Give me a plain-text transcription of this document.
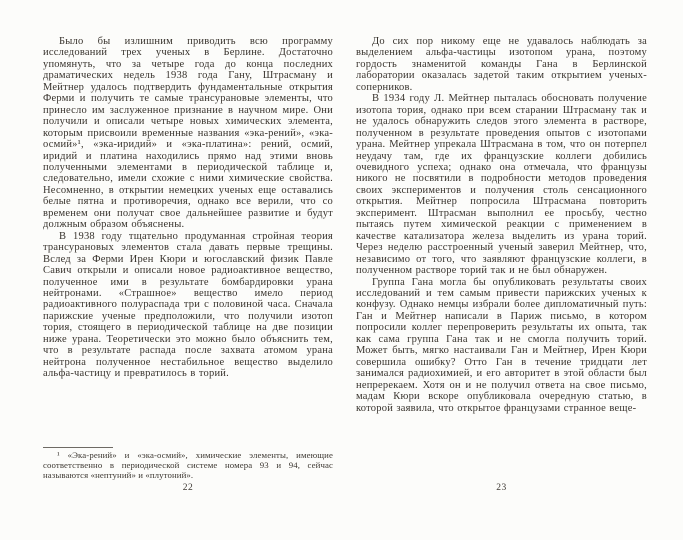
Было бы излишним приводить всю программу исследований трех ученых в Берлине. Достаточно упомянуть, что за четыре года до конца последних драматических недель 1938 года Гану, Штрасману и Мейтнер удалось подтвердить фундаментальные открытия Ферми и получить те самые трансурановые элементы, что принесло им заслуженное признание в научном мире. Они получили и описали четыре новых химических элемента, которым присвоили временные названия «эка-рений», «эка-осмий»¹, «эка-иридий» и «эка-платина»: рений, осмий, иридий и платина находились прямо над этими вновь полученными элементами в периодической таблице и, следовательно, имели схожие с ними химические свойства. Несомненно, в открытии немецких ученых еще оставались белые пятна и противоречия, однако все верили, что со временем они получат свое дальнейшее развитие и будут должным образом объяснены.

В 1938 году тщательно продуманная стройная теория трансурановых элементов стала давать первые трещины. Вслед за Ферми Ирен Кюри и югославский физик Павле Савич открыли и описали новое радиоактивное вещество, полученное ими в результате бомбардировки урана нейтронами. «Страшное» вещество имело период радиоактивного полураспада три с половиной часа. Сначала парижские ученые предположили, что получили изотоп тория, стоящего в периодической таблице на две позиции ниже урана. Теоретически это можно было объяснить тем, что в результате распада после захвата атомом урана нейтрона полученное нестабильное вещество выделило альфа-частицу и превратилось в торий.

¹ «Эка-рений» и «эка-осмий», химические элементы, имеющие соответственно в периодической системе номера 93 и 94, сейчас называются «нептуний» и «плутоний».

22

До сих пор никому еще не удавалось наблюдать за выделением альфа-частицы изотопом урана, поэтому гордость знаменитой команды Гана в Берлинской лаборатории оказалась задетой таким открытием ученых-соперников.

В 1934 году Л. Мейтнер пыталась обосновать получение изотопа тория, однако при всем старании Штрасману так и не удалось обнаружить следов этого элемента в растворе, полученном в результате проведения опытов с изотопами урана. Мейтнер упрекала Штрасмана в том, что он потерпел неудачу там, где их французские коллеги добились очевидного успеха; однако она отмечала, что французы никого не посвятили в подробности методов проведения своих экспериментов и получения столь сенсационного открытия. Мейтнер попросила Штрасмана повторить эксперимент. Штрасман выполнил ее просьбу, честно пытаясь путем химической реакции с применением в качестве катализатора железа выделить из урана торий. Через неделю расстроенный ученый заверил Мейтнер, что, независимо от того, что заявляют французские коллеги, в полученном растворе торий так и не был обнаружен.

Группа Гана могла бы опубликовать результаты своих исследований и тем самым привести парижских ученых к конфузу. Однако немцы избрали более дипломатичный путь: Ган и Мейтнер написали в Париж письмо, в котором попросили коллег перепроверить результаты их опыта, так как сама группа Гана так и не смогла получить торий. Может быть, мягко настаивали Ган и Мейтнер, Ирен Кюри совершила ошибку? Отто Ган в течение тридцати лет занимался радиохимией, и его авторитет в этой области был непререкаем. Хотя он и не получил ответа на свое письмо, мадам Кюри вскоре опубликовала очередную статью, в которой заявила, что открытое французами странное веще-

23
